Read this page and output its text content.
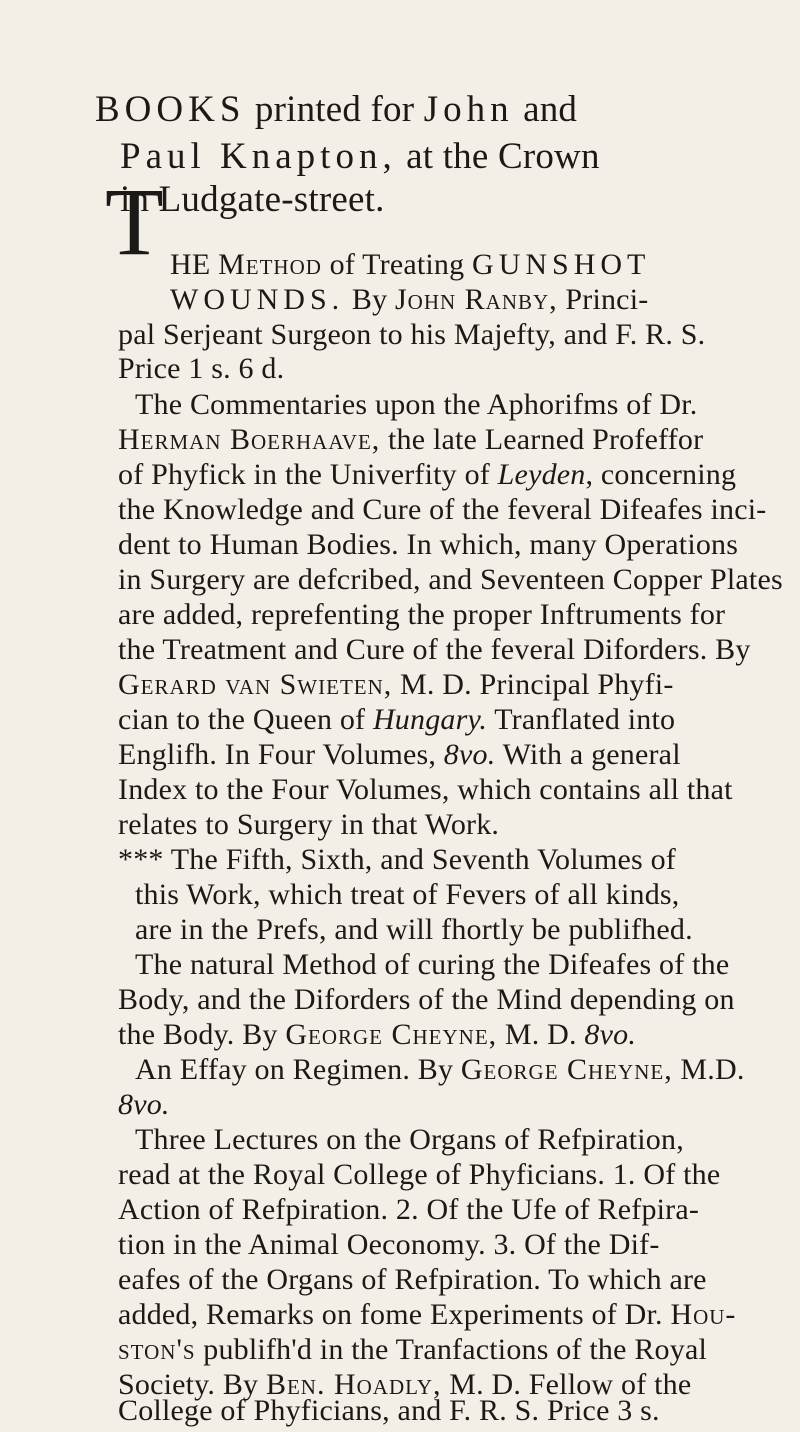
BOOKS printed for John and
Paul Knapton, at the Crown
in Ludgate-street.
T HE Method of Treating GUNSHOT
WOUNDS. By John Ranby, Princi-
pal Serjeant Surgeon to his Majefty, and F. R. S.
Price 1 s. 6 d.
The Commentaries upon the Aphorifms of Dr.
Herman Boerhaave, the late Learned Profeffor
of Phyfick in the Univerfity of Leyden, concerning
the Knowledge and Cure of the feveral Difeafes inci-
dent to Human Bodies. In which, many Operations
in Surgery are defcribed, and Seventeen Copper Plates
are added, reprefenting the proper Inftruments for
the Treatment and Cure of the feveral Diforders. By
Gerard van Swieten, M. D. Principal Phyfi-
cian to the Queen of Hungary. Tranflated into
Englifh. In Four Volumes, 8vo. With a general
Index to the Four Volumes, which contains all that
relates to Surgery in that Work.
*** The Fifth, Sixth, and Seventh Volumes of
this Work, which treat of Fevers of all kinds,
are in the Prefs, and will fhortly be publifhed.
The natural Method of curing the Difeafes of the
Body, and the Diforders of the Mind depending on
the Body. By George Cheyne, M. D. 8vo.
An Effay on Regimen. By George Cheyne, M.D.
8vo.
Three Lectures on the Organs of Refpiration,
read at the Royal College of Phyficians. 1. Of the
Action of Refpiration. 2. Of the Ufe of Refpira-
tion in the Animal Oeconomy. 3. Of the Dif-
eafes of the Organs of Refpiration. To which are
added, Remarks on fome Experiments of Dr. Hou-
ston's publifh'd in the Tranfactions of the Royal
Society. By Ben. Hoadly, M. D. Fellow of the
College of Phyficians, and F. R. S. Price 3 s.
